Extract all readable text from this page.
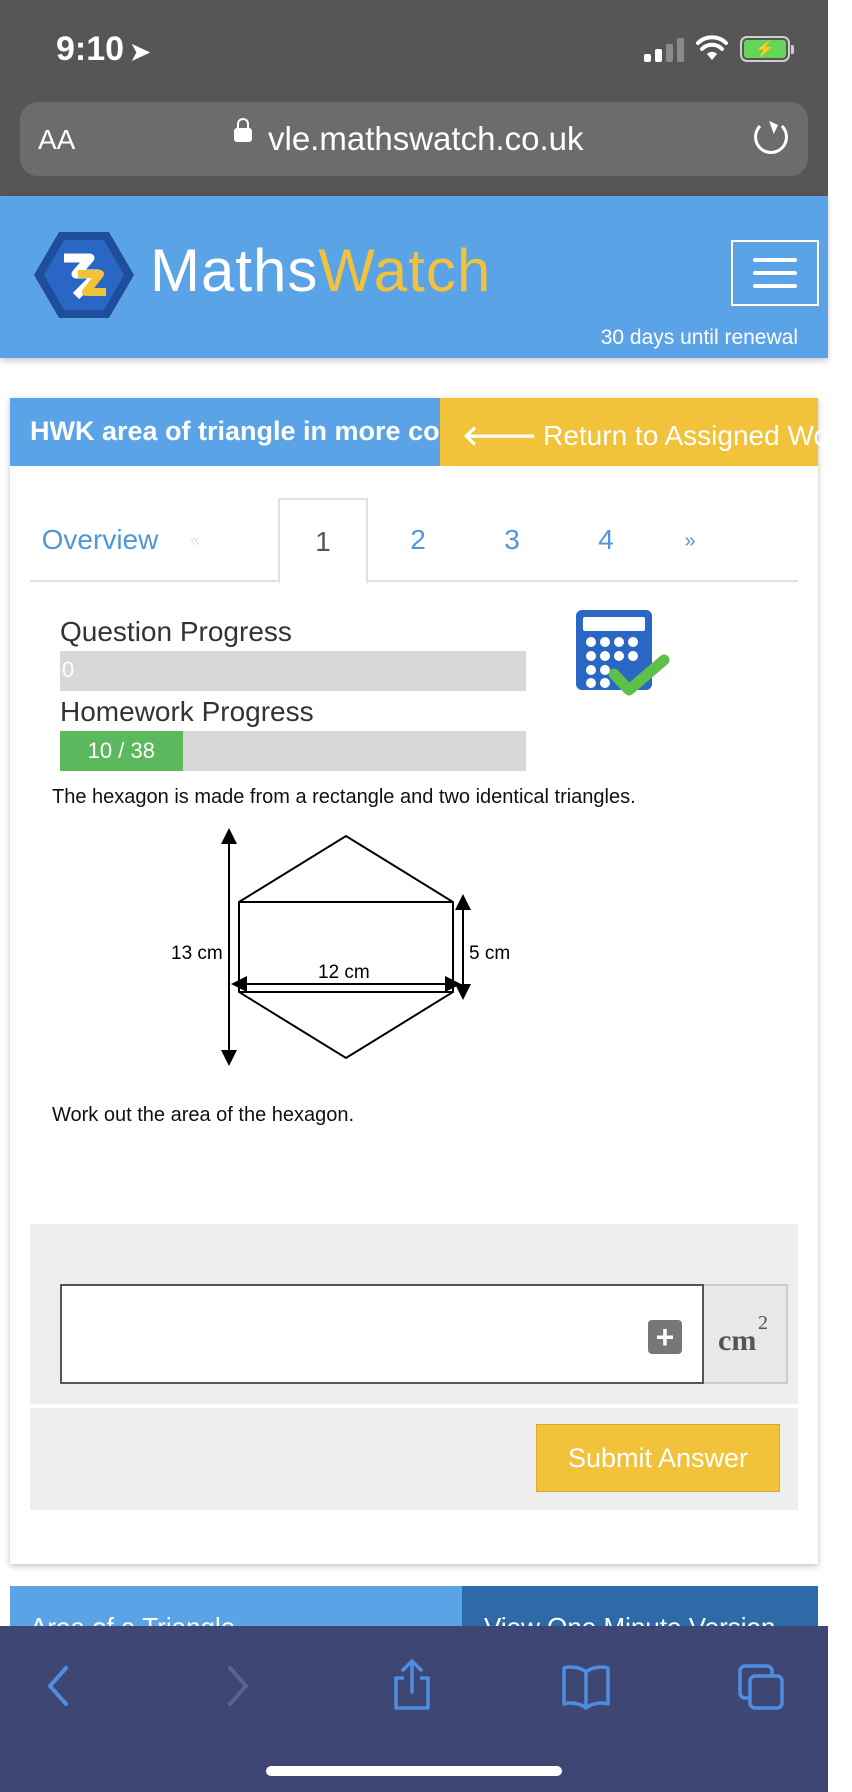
9:10 ➤	⚡
AA	vle.mathswatch.co.uk
MathsWatch
30 days until renewal
HWK area of triangle in more co 🡐 Return to Assigned Work
Overview	«	1	2	3	4	»
Question Progress
0
Homework Progress
10 / 38
The hexagon is made from a rectangle and two identical triangles.
13 cm
12 cm
5 cm
Work out the area of the hexagon.
+ cm
2
Submit Answer
